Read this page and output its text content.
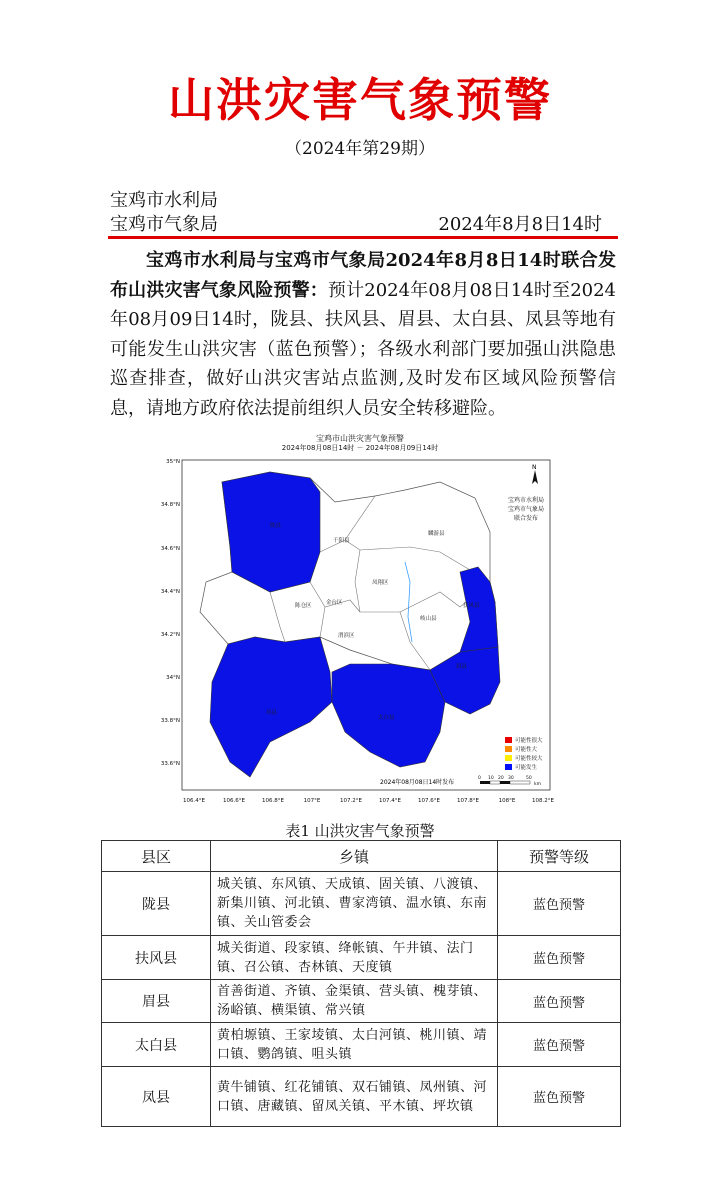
山洪灾害气象预警
（2024年第29期）
宝鸡市水利局
宝鸡市气象局	2024年8月8日14时
宝鸡市水利局与宝鸡市气象局2024年8月8日14时联合发布山洪灾害气象风险预警：预计2024年08月08日14时至2024年08月09日14时，陇县、扶风县、眉县、太白县、凤县等地有可能发生山洪灾害（蓝色预警）；各级水利部门要加强山洪隐患巡查排查，做好山洪灾害站点监测,及时发布区域风险预警信息，请地方政府依法提前组织人员安全转移避险。
宝鸡市山洪灾害气象预警
2024年08月08日14时 － 2024年08月09日14时
陇县
千阳县
麟游县
凤翔区
岐山县
扶风县
金台区
渭滨区
陈仓区
眉县
凤县
太白县
N
宝鸡市水利局
宝鸡市气象局
联合发布
可能性很大
可能性大
可能性较大
可能发生
2024年08月08日14时发布
0 10 20 30	50
km
35°N
34.8°N
34.6°N
34.4°N
34.2°N
34°N
33.8°N
33.6°N
106.4°E	106.6°E	106.8°E	107°E	107.2°E	107.4°E	107.6°E	107.8°E	108°E	108.2°E
表1 山洪灾害气象预警
县区	乡镇	预警等级
陇县	城关镇、东风镇、天成镇、固关镇、八渡镇、新集川镇、河北镇、曹家湾镇、温水镇、东南镇、关山管委会	蓝色预警
扶风县	城关街道、段家镇、绛帐镇、午井镇、法门镇、召公镇、杏林镇、天度镇	蓝色预警
眉县	首善街道、齐镇、金渠镇、营头镇、槐芽镇、汤峪镇、横渠镇、常兴镇	蓝色预警
太白县	黄柏塬镇、王家堎镇、太白河镇、桃川镇、靖口镇、鹦鸽镇、咀头镇	蓝色预警
凤县	黄牛铺镇、红花铺镇、双石铺镇、凤州镇、河口镇、唐藏镇、留凤关镇、平木镇、坪坎镇	蓝色预警
